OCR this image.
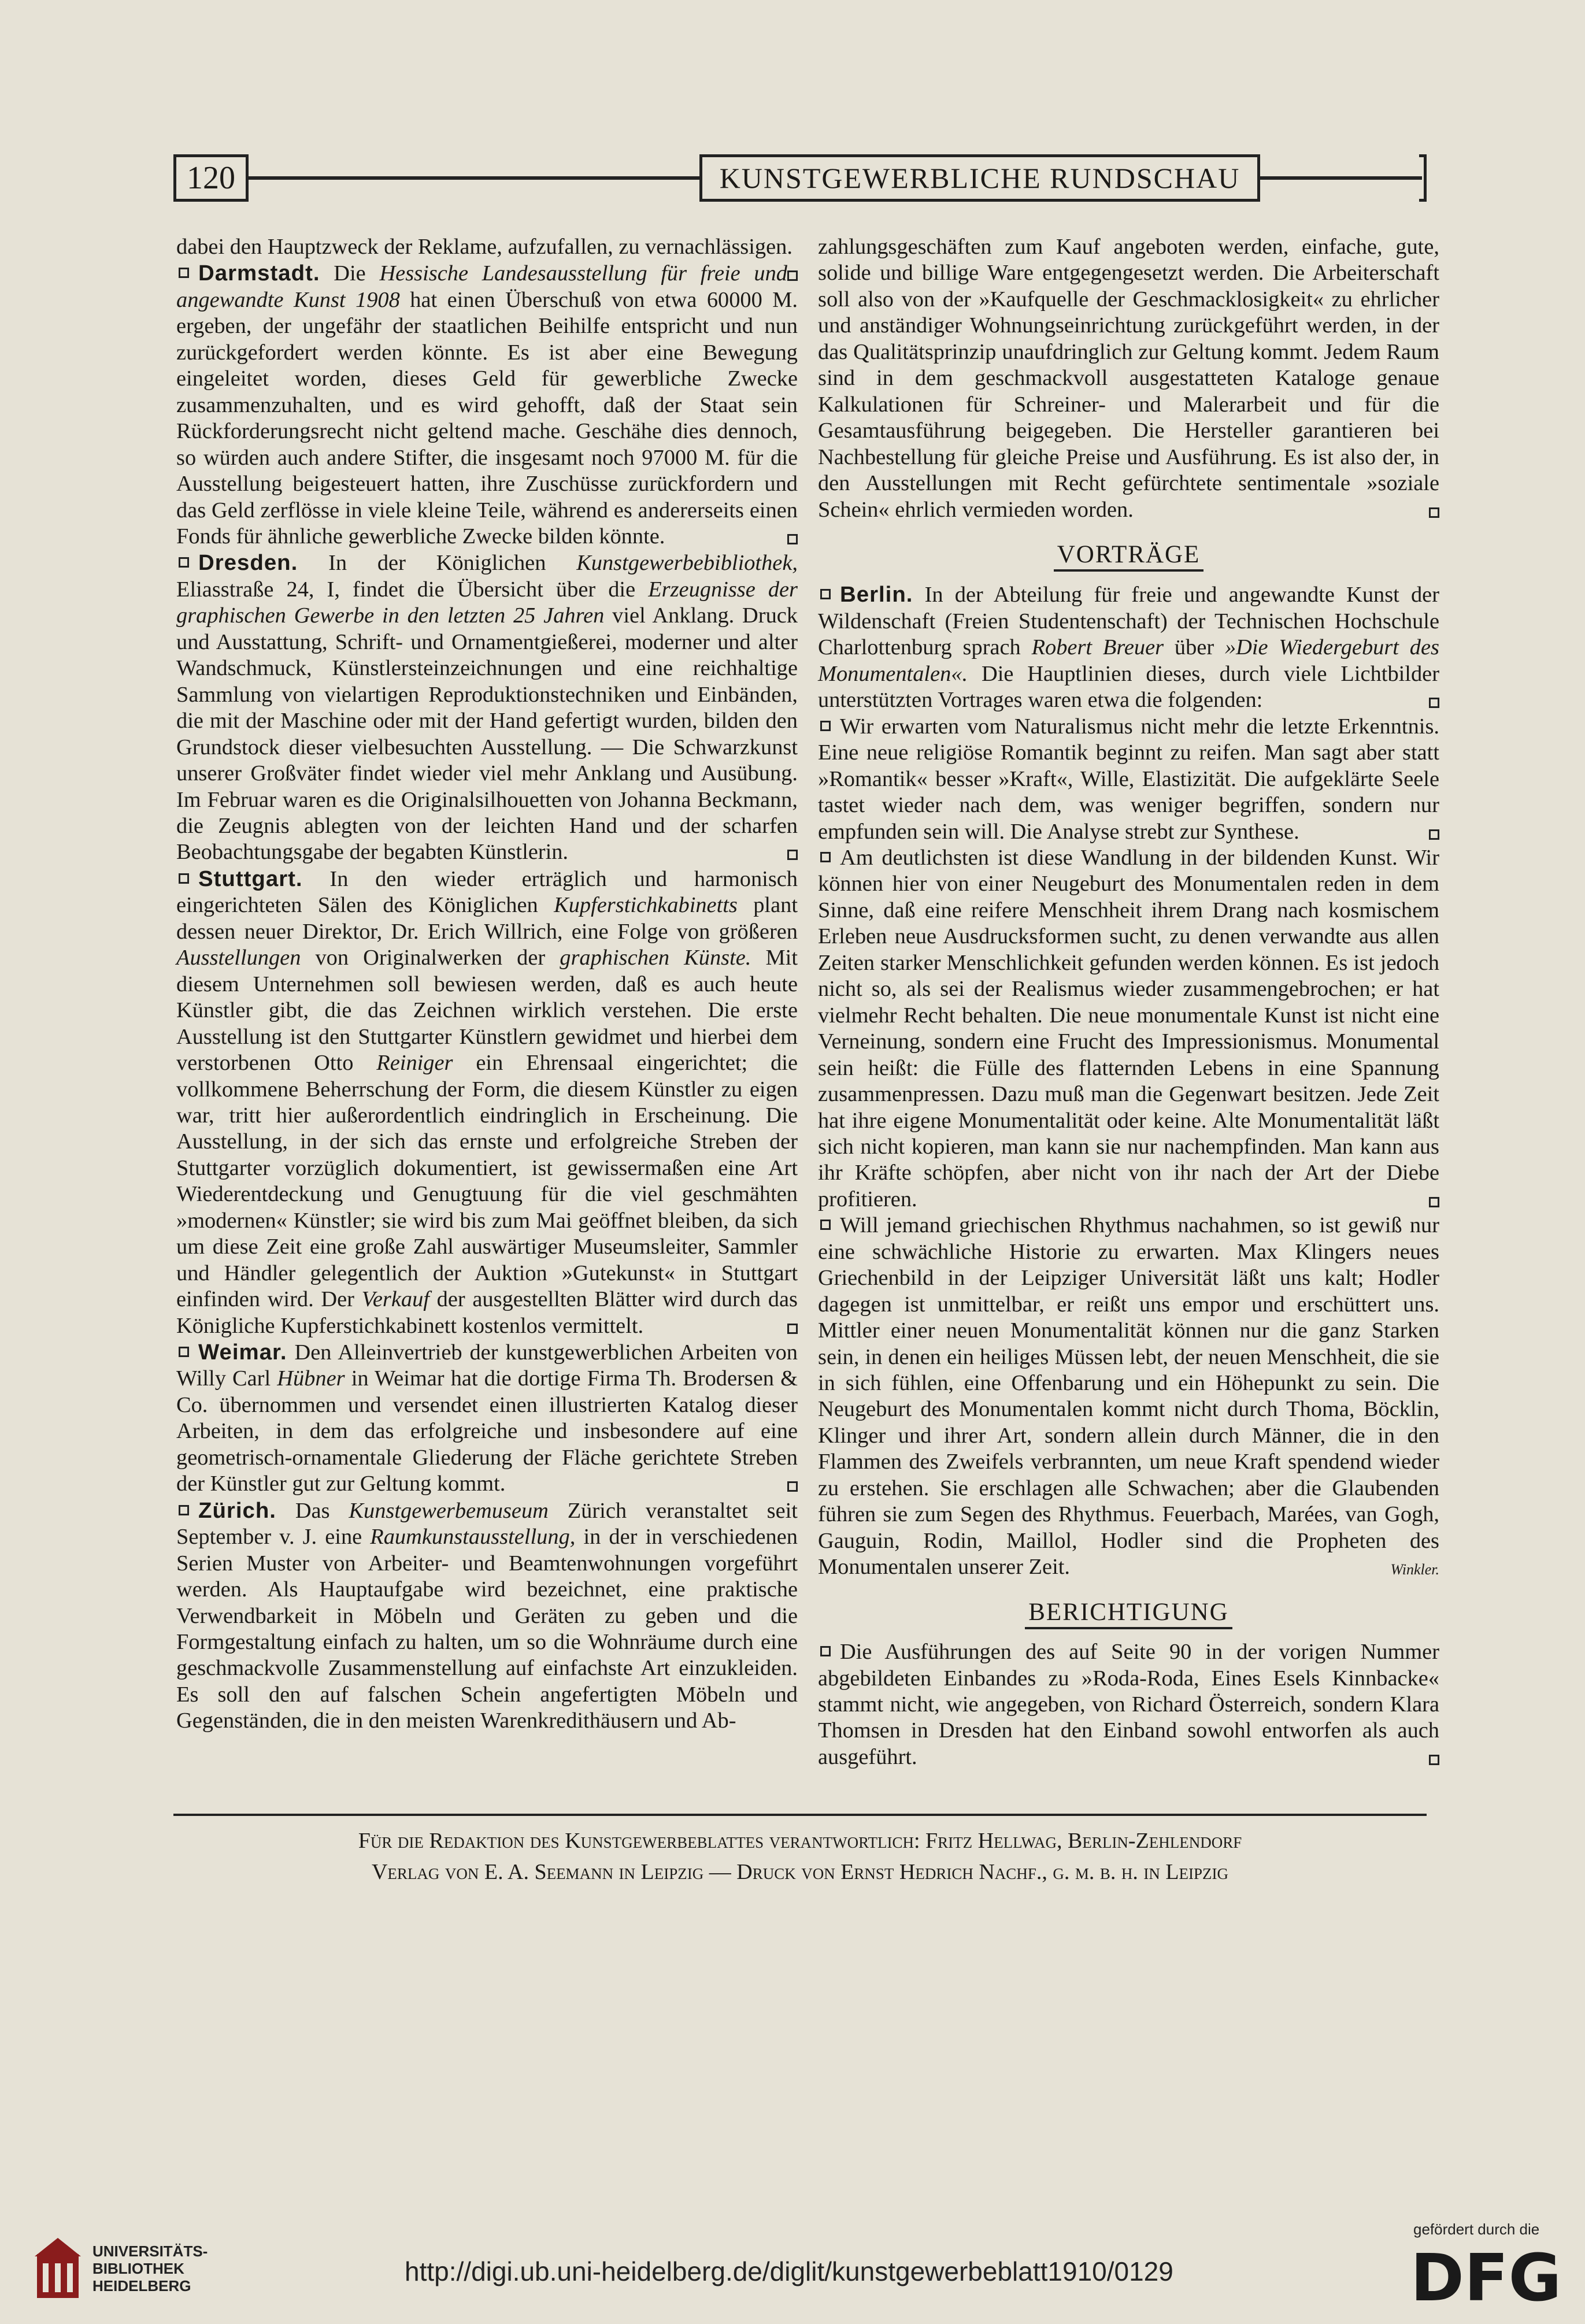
120	KUNSTGEWERBLICHE RUNDSCHAU

dabei den Hauptzweck der Reklame, aufzufallen, zu vernachlässigen.

Darmstadt. Die Hessische Landesausstellung für freie und angewandte Kunst 1908 hat einen Überschuß von etwa 60000 M. ergeben, der ungefähr der staatlichen Beihilfe entspricht und nun zurückgefordert werden könnte. Es ist aber eine Bewegung eingeleitet worden, dieses Geld für gewerbliche Zwecke zusammenzuhalten, und es wird gehofft, daß der Staat sein Rückforderungsrecht nicht geltend mache. Geschähe dies dennoch, so würden auch andere Stifter, die insgesamt noch 97000 M. für die Ausstellung beigesteuert hatten, ihre Zuschüsse zurückfordern und das Geld zerflösse in viele kleine Teile, während es andererseits einen Fonds für ähnliche gewerbliche Zwecke bilden könnte.

Dresden. In der Königlichen Kunstgewerbebibliothek, Eliasstraße 24, I, findet die Übersicht über die Erzeugnisse der graphischen Gewerbe in den letzten 25 Jahren viel Anklang. Druck und Ausstattung, Schrift- und Ornamentgießerei, moderner und alter Wandschmuck, Künstlersteinzeichnungen und eine reichhaltige Sammlung von vielartigen Reproduktionstechniken und Einbänden, die mit der Maschine oder mit der Hand gefertigt wurden, bilden den Grundstock dieser vielbesuchten Ausstellung. — Die Schwarzkunst unserer Großväter findet wieder viel mehr Anklang und Ausübung. Im Februar waren es die Originalsilhouetten von Johanna Beckmann, die Zeugnis ablegten von der leichten Hand und der scharfen Beobachtungsgabe der begabten Künstlerin.

Stuttgart. In den wieder erträglich und harmonisch eingerichteten Sälen des Königlichen Kupferstichkabinetts plant dessen neuer Direktor, Dr. Erich Willrich, eine Folge von größeren Ausstellungen von Originalwerken der graphischen Künste. Mit diesem Unternehmen soll bewiesen werden, daß es auch heute Künstler gibt, die das Zeichnen wirklich verstehen. Die erste Ausstellung ist den Stuttgarter Künstlern gewidmet und hierbei dem verstorbenen Otto Reiniger ein Ehrensaal eingerichtet; die vollkommene Beherrschung der Form, die diesem Künstler zu eigen war, tritt hier außerordentlich eindringlich in Erscheinung. Die Ausstellung, in der sich das ernste und erfolgreiche Streben der Stuttgarter vorzüglich dokumentiert, ist gewissermaßen eine Art Wiederentdeckung und Genugtuung für die viel geschmähten »modernen« Künstler; sie wird bis zum Mai geöffnet bleiben, da sich um diese Zeit eine große Zahl auswärtiger Museumsleiter, Sammler und Händler gelegentlich der Auktion »Gutekunst« in Stuttgart einfinden wird. Der Verkauf der ausgestellten Blätter wird durch das Königliche Kupferstichkabinett kostenlos vermittelt.

Weimar. Den Alleinvertrieb der kunstgewerblichen Arbeiten von Willy Carl Hübner in Weimar hat die dortige Firma Th. Brodersen & Co. übernommen und versendet einen illustrierten Katalog dieser Arbeiten, in dem das erfolgreiche und insbesondere auf eine geometrisch-ornamentale Gliederung der Fläche gerichtete Streben der Künstler gut zur Geltung kommt.

Zürich. Das Kunstgewerbemuseum Zürich veranstaltet seit September v. J. eine Raumkunstausstellung, in der in verschiedenen Serien Muster von Arbeiter- und Beamtenwohnungen vorgeführt werden. Als Hauptaufgabe wird bezeichnet, eine praktische Verwendbarkeit in Möbeln und Geräten zu geben und die Formgestaltung einfach zu halten, um so die Wohnräume durch eine geschmackvolle Zusammenstellung auf einfachste Art einzukleiden. Es soll den auf falschen Schein angefertigten Möbeln und Gegenständen, die in den meisten Warenkredithäusern und Ab-

zahlungsgeschäften zum Kauf angeboten werden, einfache, gute, solide und billige Ware entgegengesetzt werden. Die Arbeiterschaft soll also von der »Kaufquelle der Geschmacklosigkeit« zu ehrlicher und anständiger Wohnungseinrichtung zurückgeführt werden, in der das Qualitätsprinzip unaufdringlich zur Geltung kommt. Jedem Raum sind in dem geschmackvoll ausgestatteten Kataloge genaue Kalkulationen für Schreiner- und Malerarbeit und für die Gesamtausführung beigegeben. Die Hersteller garantieren bei Nachbestellung für gleiche Preise und Ausführung. Es ist also der, in den Ausstellungen mit Recht gefürchtete sentimentale »soziale Schein« ehrlich vermieden worden.

VORTRÄGE

Berlin. In der Abteilung für freie und angewandte Kunst der Wildenschaft (Freien Studentenschaft) der Technischen Hochschule Charlottenburg sprach Robert Breuer über »Die Wiedergeburt des Monumentalen«. Die Hauptlinien dieses, durch viele Lichtbilder unterstützten Vortrages waren etwa die folgenden:

Wir erwarten vom Naturalismus nicht mehr die letzte Erkenntnis. Eine neue religiöse Romantik beginnt zu reifen. Man sagt aber statt »Romantik« besser »Kraft«, Wille, Elastizität. Die aufgeklärte Seele tastet wieder nach dem, was weniger begriffen, sondern nur empfunden sein will. Die Analyse strebt zur Synthese.

Am deutlichsten ist diese Wandlung in der bildenden Kunst. Wir können hier von einer Neugeburt des Monumentalen reden in dem Sinne, daß eine reifere Menschheit ihrem Drang nach kosmischem Erleben neue Ausdrucksformen sucht, zu denen verwandte aus allen Zeiten starker Menschlichkeit gefunden werden können. Es ist jedoch nicht so, als sei der Realismus wieder zusammengebrochen; er hat vielmehr Recht behalten. Die neue monumentale Kunst ist nicht eine Verneinung, sondern eine Frucht des Impressionismus. Monumental sein heißt: die Fülle des flatternden Lebens in eine Spannung zusammenpressen. Dazu muß man die Gegenwart besitzen. Jede Zeit hat ihre eigene Monumentalität oder keine. Alte Monumentalität läßt sich nicht kopieren, man kann sie nur nachempfinden. Man kann aus ihr Kräfte schöpfen, aber nicht von ihr nach der Art der Diebe profitieren.

Will jemand griechischen Rhythmus nachahmen, so ist gewiß nur eine schwächliche Historie zu erwarten. Max Klingers neues Griechenbild in der Leipziger Universität läßt uns kalt; Hodler dagegen ist unmittelbar, er reißt uns empor und erschüttert uns. Mittler einer neuen Monumentalität können nur die ganz Starken sein, in denen ein heiliges Müssen lebt, der neuen Menschheit, die sie in sich fühlen, eine Offenbarung und ein Höhepunkt zu sein. Die Neugeburt des Monumentalen kommt nicht durch Thoma, Böcklin, Klinger und ihrer Art, sondern allein durch Männer, die in den Flammen des Zweifels verbrannten, um neue Kraft spendend wieder zu erstehen. Sie erschlagen alle Schwachen; aber die Glaubenden führen sie zum Segen des Rhythmus. Feuerbach, Marées, van Gogh, Gauguin, Rodin, Maillol, Hodler sind die Propheten des Monumentalen unserer Zeit.	Winkler.

BERICHTIGUNG

Die Ausführungen des auf Seite 90 in der vorigen Nummer abgebildeten Einbandes zu »Roda-Roda, Eines Esels Kinnbacke« stammt nicht, wie angegeben, von Richard Österreich, sondern Klara Thomsen in Dresden hat den Einband sowohl entworfen als auch ausgeführt.

Für die Redaktion des Kunstgewerbeblattes verantwortlich: Fritz Hellwag, Berlin-Zehlendorf
Verlag von E. A. Seemann in Leipzig — Druck von Ernst Hedrich Nachf., g. m. b. h. in Leipzig
UNIVERSITÄTS-
BIBLIOTHEK
HEIDELBERG	http://digi.ub.uni-heidelberg.de/diglit/kunstgewerbeblatt1910/0129
gefördert durch die
DFG
